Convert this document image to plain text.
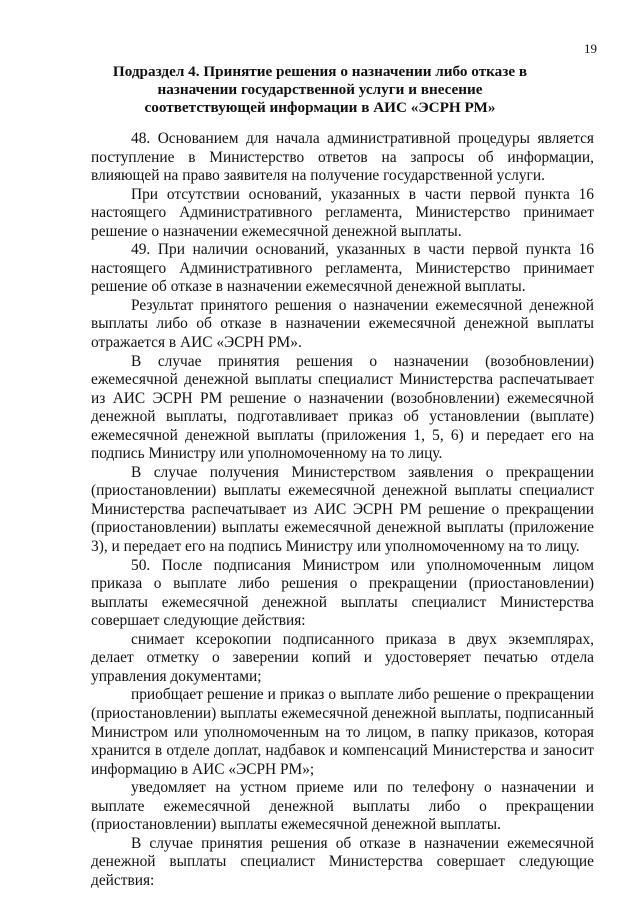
19
Подраздел 4. Принятие решения о назначении либо отказе в назначении государственной услуги и внесение соответствующей информации в АИС «ЭСРН РМ»

48. Основанием для начала административной процедуры является поступление в Министерство ответов на запросы об информации, влияющей на право заявителя на получение государственной услуги.

При отсутствии оснований, указанных в части первой пункта 16 настоящего Административного регламента, Министерство принимает решение о назначении ежемесячной денежной выплаты.

49. При наличии оснований, указанных в части первой пункта 16 настоящего Административного регламента, Министерство принимает решение об отказе в назначении ежемесячной денежной выплаты.

Результат принятого решения о назначении ежемесячной денежной выплаты либо об отказе в назначении ежемесячной денежной выплаты отражается в АИС «ЭСРН РМ».

В случае принятия решения о назначении (возобновлении) ежемесячной денежной выплаты специалист Министерства распечатывает из АИС ЭСРН РМ решение о назначении (возобновлении) ежемесячной денежной выплаты, подготавливает приказ об установлении (выплате) ежемесячной денежной выплаты (приложения 1, 5, 6) и передает его на подпись Министру или уполномоченному на то лицу.

В случае получения Министерством заявления о прекращении (приостановлении) выплаты ежемесячной денежной выплаты специалист Министерства распечатывает из АИС ЭСРН РМ решение о прекращении (приостановлении) выплаты ежемесячной денежной выплаты (приложение 3), и передает его на подпись Министру или уполномоченному на то лицу.

50. После подписания Министром или уполномоченным лицом приказа о выплате либо решения о прекращении (приостановлении) выплаты ежемесячной денежной выплаты специалист Министерства совершает следующие действия:

снимает ксерокопии подписанного приказа в двух экземплярах, делает отметку о заверении копий и удостоверяет печатью отдела управления документами;

приобщает решение и приказ о выплате либо решение о прекращении (приостановлении) выплаты ежемесячной денежной выплаты, подписанный Министром или уполномоченным на то лицом, в папку приказов, которая хранится в отделе доплат, надбавок и компенсаций Министерства и заносит информацию в АИС «ЭСРН РМ»;

уведомляет на устном приеме или по телефону о назначении и выплате ежемесячной денежной выплаты либо о прекращении (приостановлении) выплаты ежемесячной денежной выплаты.

В случае принятия решения об отказе в назначении ежемесячной денежной выплаты специалист Министерства совершает следующие действия:
